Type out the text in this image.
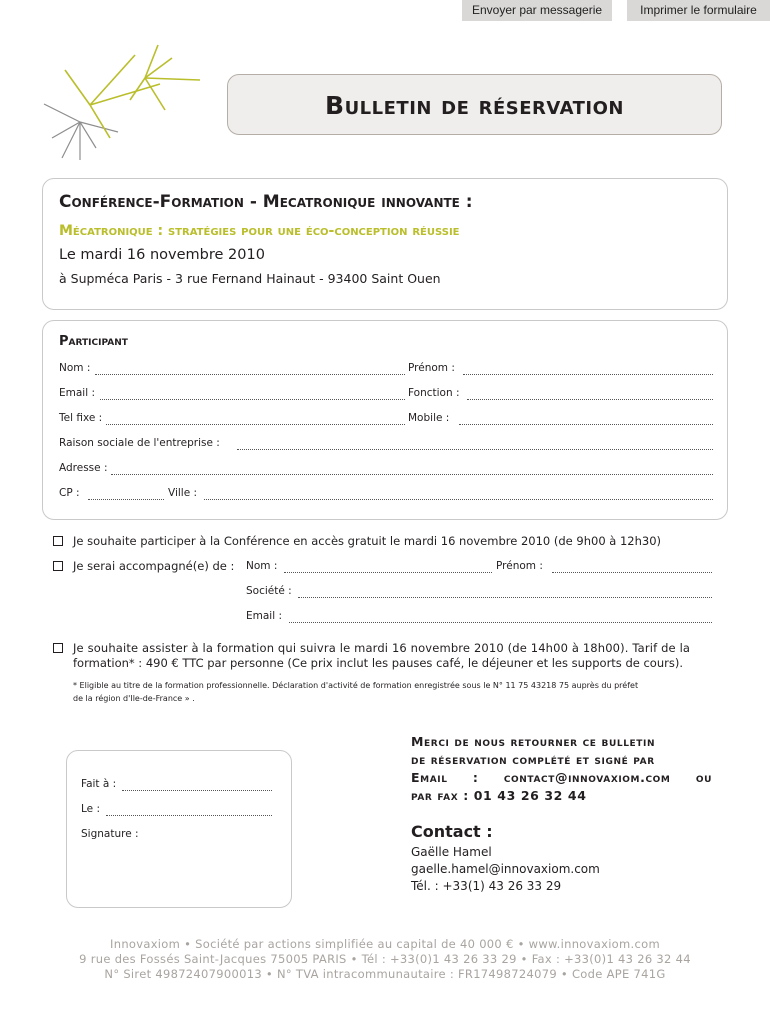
Envoyer par messagerie	Imprimer le formulaire
Bulletin de réservation
Conférence-Formation - Mecatronique innovante :
Mécatronique : stratégies pour une éco-conception réussie
Le mardi 16 novembre 2010
à Supméca Paris - 3 rue Fernand Hainaut - 93400 Saint Ouen
Participant
Nom :	Prénom :
Email :	Fonction :
Tel fixe :	Mobile :
Raison sociale de l'entreprise :
Adresse :
CP :	Ville :
Je souhaite participer à la Conférence en accès gratuit le mardi 16 novembre 2010 (de 9h00 à 12h30)
Je serai accompagné(e) de : Nom :	Prénom :
Société :
Email :
Je souhaite assister à la formation qui suivra le mardi 16 novembre 2010 (de 14h00 à 18h00). Tarif de la
formation* : 490 € TTC par personne (Ce prix inclut les pauses café, le déjeuner et les supports de cours).
* Eligible au titre de la formation professionnelle. Déclaration d'activité de formation enregistrée sous le N° 11 75 43218 75 auprès du préfet
de la région d'Ile-de-France » .
Fait à :
Le :
Signature :
Merci de nous retourner ce bulletin
de réservation complété et signé par
Email : contact@innovaxiom.com ou
par fax : 01 43 26 32 44
Contact :
Gaëlle Hamel
gaelle.hamel@innovaxiom.com
Tél. : +33(1) 43 26 33 29
Innovaxiom • Société par actions simplifiée au capital de 40 000 € • www.innovaxiom.com
9 rue des Fossés Saint-Jacques 75005 PARIS • Tél : +33(0)1 43 26 33 29 • Fax : +33(0)1 43 26 32 44
N° Siret 49872407900013 • N° TVA intracommunautaire : FR17498724079 • Code APE 741G
